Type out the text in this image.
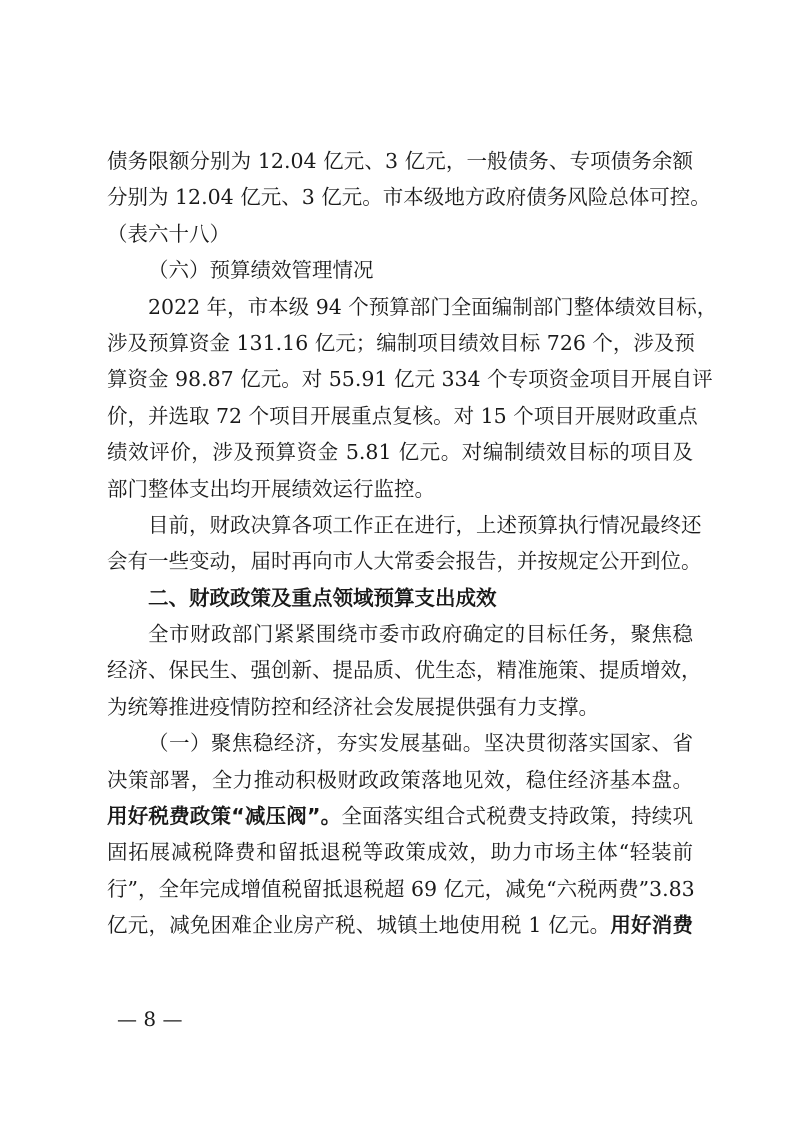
债务限额分别为 12.04 亿元、3 亿元，一般债务、专项债务余额
分别为 12.04 亿元、3 亿元。市本级地方政府债务风险总体可控。
（表六十八）
（六）预算绩效管理情况
2022 年，市本级 94 个预算部门全面编制部门整体绩效目标，
涉及预算资金 131.16 亿元；编制项目绩效目标 726 个，涉及预
算资金 98.87 亿元。对 55.91 亿元 334 个专项资金项目开展自评
价，并选取 72 个项目开展重点复核。对 15 个项目开展财政重点
绩效评价，涉及预算资金 5.81 亿元。对编制绩效目标的项目及
部门整体支出均开展绩效运行监控。
目前，财政决算各项工作正在进行，上述预算执行情况最终还
会有一些变动，届时再向市人大常委会报告，并按规定公开到位。
二、财政政策及重点领域预算支出成效
全市财政部门紧紧围绕市委市政府确定的目标任务，聚焦稳
经济、保民生、强创新、提品质、优生态，精准施策、提质增效，
为统筹推进疫情防控和经济社会发展提供强有力支撑。
（一）聚焦稳经济，夯实发展基础。坚决贯彻落实国家、省
决策部署，全力推动积极财政政策落地见效，稳住经济基本盘。
用好税费政策“减压阀”。全面落实组合式税费支持政策，持续巩
固拓展减税降费和留抵退税等政策成效，助力市场主体“轻装前
行”，全年完成增值税留抵退税超 69 亿元，减免“六税两费”3.83
亿元，减免困难企业房产税、城镇土地使用税 1 亿元。用好消费
— 8 —
